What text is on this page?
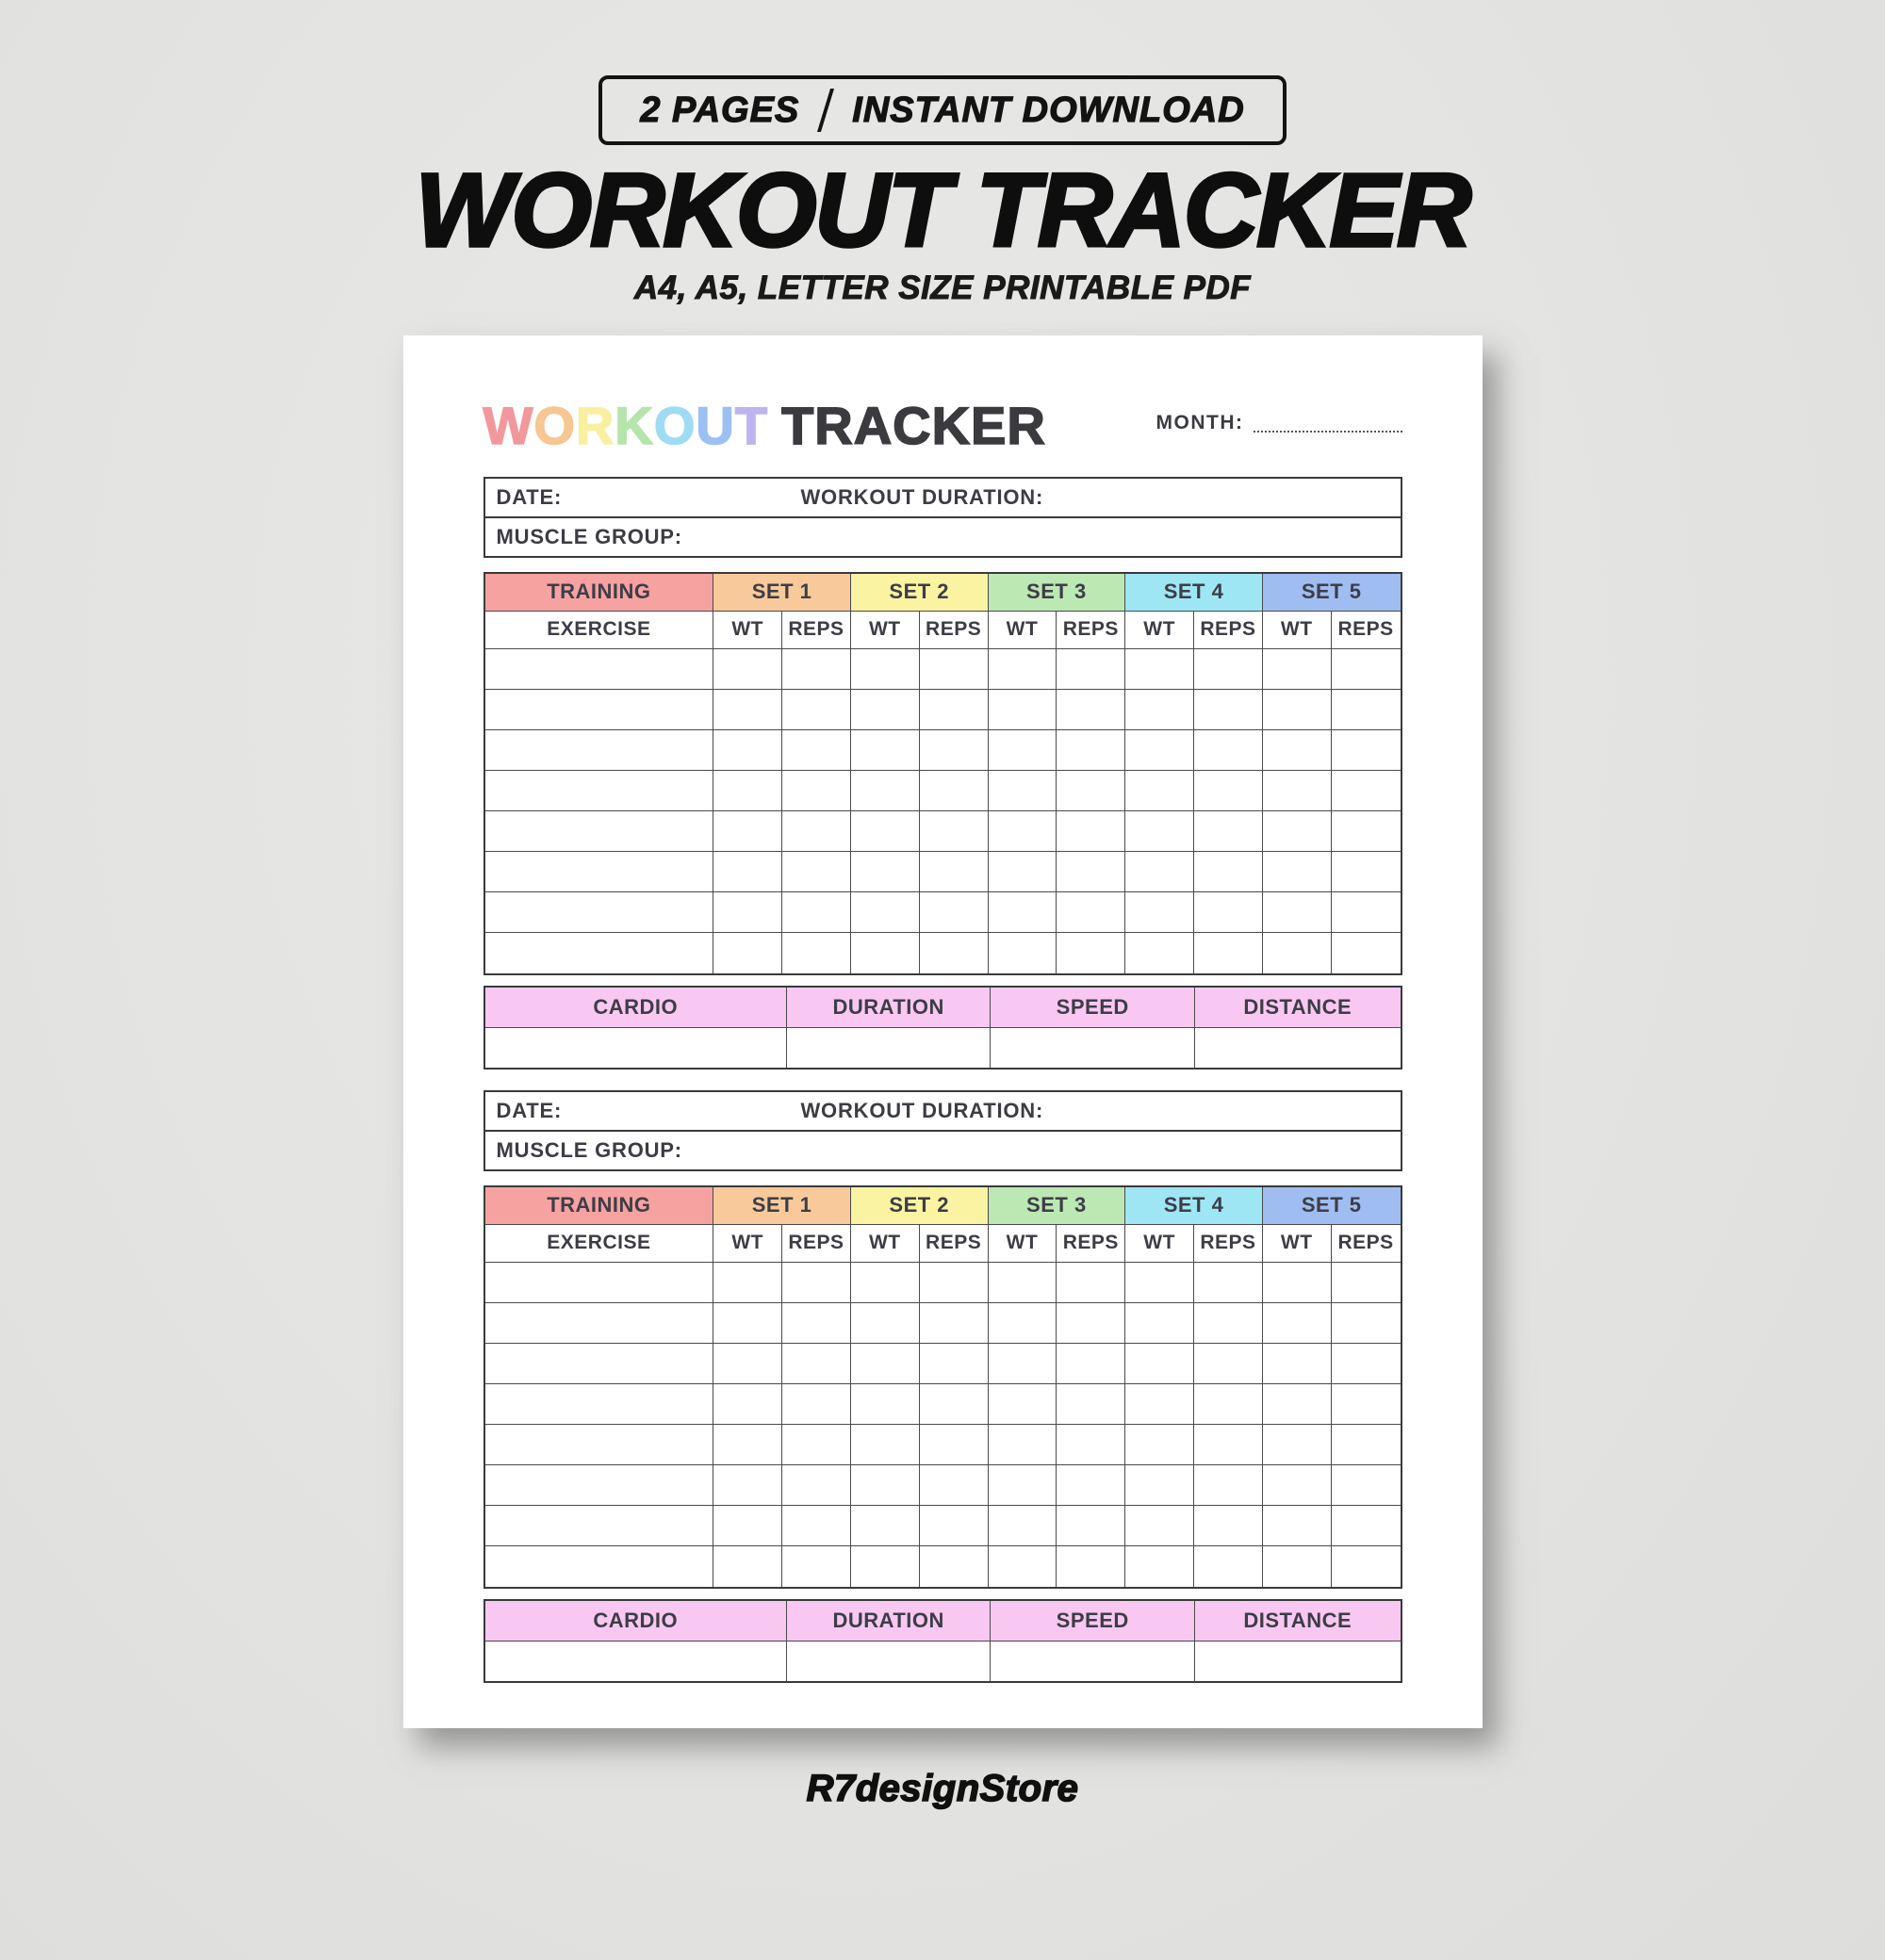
2 PAGES INSTANT DOWNLOAD
WORKOUT TRACKER
A4, A5, LETTER SIZE PRINTABLE PDF
WORKOUT TRACKER	MONTH:
DATE:	WORKOUT DURATION:
MUSCLE GROUP:
TRAINING	SET 1	SET 2	SET 3	SET 4	SET 5
EXERCISE	WT	REPS	WT	REPS	WT	REPS	WT	REPS	WT	REPS
CARDIO	DURATION	SPEED	DISTANCE
DATE:	WORKOUT DURATION:
MUSCLE GROUP:
TRAINING	SET 1	SET 2	SET 3	SET 4	SET 5
EXERCISE	WT	REPS	WT	REPS	WT	REPS	WT	REPS	WT	REPS
CARDIO	DURATION	SPEED	DISTANCE
R7designStore
